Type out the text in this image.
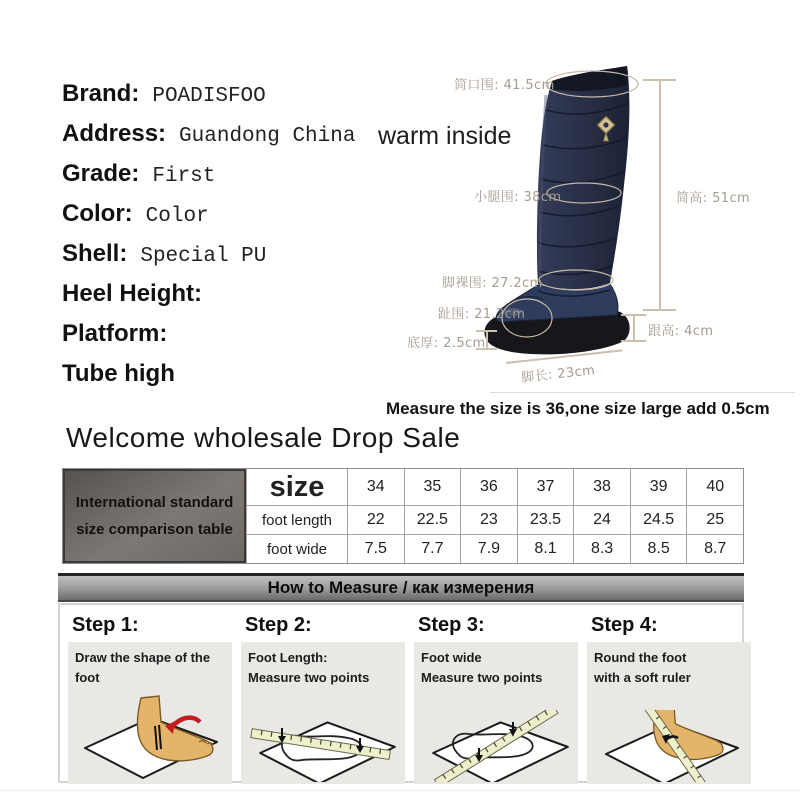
Brand: POADISFOO
Address: Guandong China
Grade: First
Color: Color
Shell: Special PU
Heel Height:
Platform:
Tube high
warm inside
简口围: 41.5cm
小腿围: 38cm
脚裸围: 27.2cm
趾围: 21.2cm
底厚: 2.5cm
跟高: 4cm
脚长: 23cm
简高: 51cm
Measure the size is 36,one size large add 0.5cm
Welcome wholesale Drop Sale
International standard
size comparison table
size	34	35	36	37	38	39	40
foot length	22	22.5	23	23.5	24	24.5	25
foot wide	7.5	7.7	7.9	8.1	8.3	8.5	8.7
How to Measure / как измерения
Step 1:
Draw the shape of the foot
Step 2:
Foot Length:
Measure two points
Step 3:
Foot wide
Measure two points
Step 4:
Round the foot
with a soft ruler
